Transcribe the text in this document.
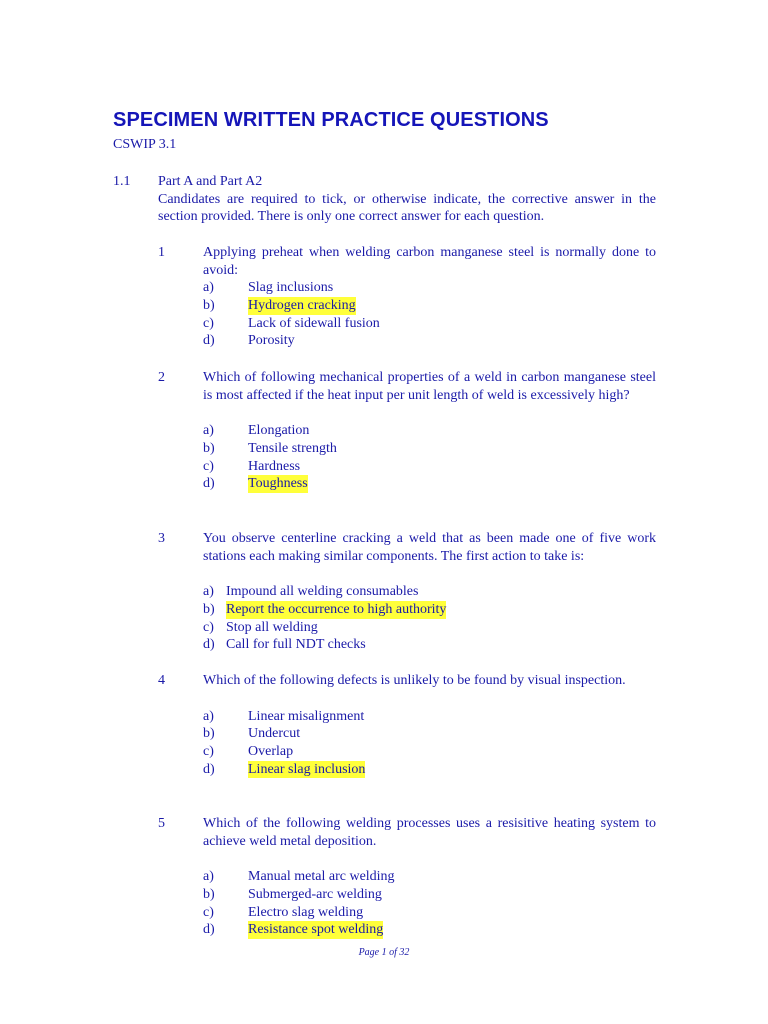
SPECIMEN WRITTEN PRACTICE QUESTIONS
CSWIP 3.1
1.1 Part A and Part A2

Candidates are required to tick, or otherwise indicate, the corrective answer in the section provided. There is only one correct answer for each question.

1	Applying preheat when welding carbon manganese steel is normally done to avoid:

a) Slag inclusions
b) Hydrogen cracking
c) Lack of sidewall fusion
d) Porosity
2	Which of following mechanical properties of a weld in carbon manganese steel is most affected if the heat input per unit length of weld is excessively high?

a) Elongation
b) Tensile strength
c) Hardness
d) Toughness
3	You observe centerline cracking a weld that as been made one of five work stations each making similar components. The first action to take is:

a) Impound all welding consumables
b) Report the occurrence to high authority
c) Stop all welding
d) Call for full NDT checks
4	Which of the following defects is unlikely to be found by visual inspection.

a) Linear misalignment
b) Undercut
c) Overlap
d) Linear slag inclusion
5	Which of the following welding processes uses a resisitive heating system to achieve weld metal deposition.

a) Manual metal arc welding
b) Submerged-arc welding
c) Electro slag welding
d) Resistance spot welding
Page 1 of 32
